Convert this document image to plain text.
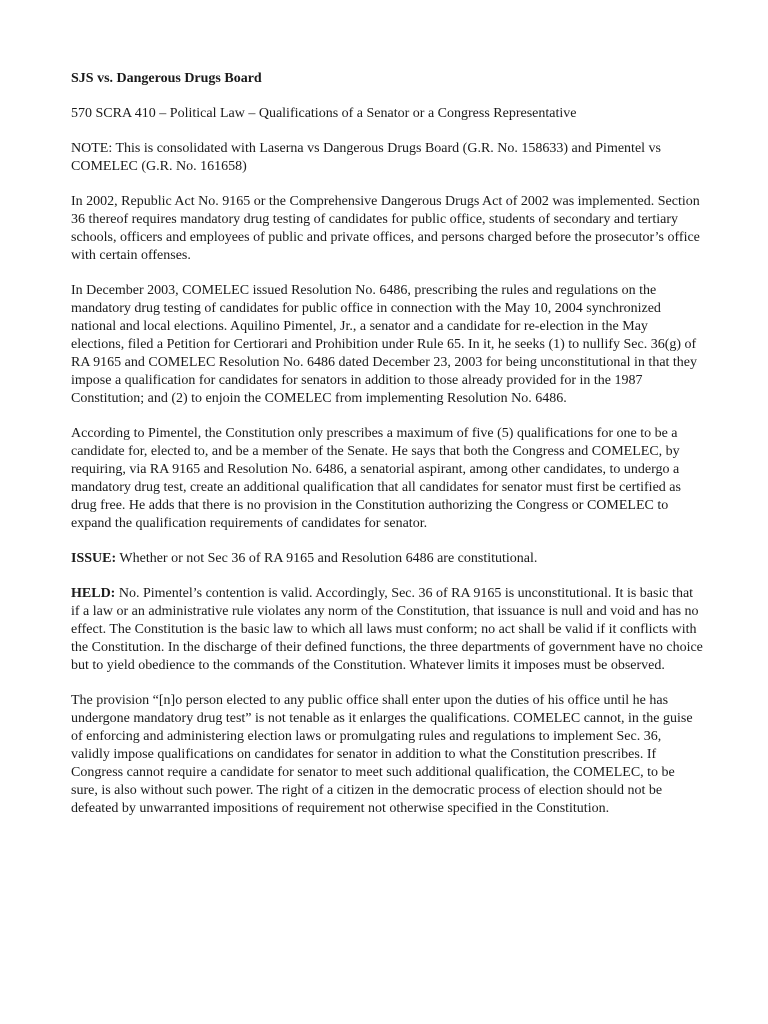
SJS vs. Dangerous Drugs Board

570 SCRA 410 – Political Law – Qualifications of a Senator or a Congress Representative

NOTE: This is consolidated with Laserna vs Dangerous Drugs Board (G.R. No. 158633) and Pimentel vs COMELEC (G.R. No. 161658)

In 2002, Republic Act No. 9165 or the Comprehensive Dangerous Drugs Act of 2002 was implemented. Section 36 thereof requires mandatory drug testing of candidates for public office, students of secondary and tertiary schools, officers and employees of public and private offices, and persons charged before the prosecutor’s office with certain offenses.

In December 2003, COMELEC issued Resolution No. 6486, prescribing the rules and regulations on the mandatory drug testing of candidates for public office in connection with the May 10, 2004 synchronized national and local elections. Aquilino Pimentel, Jr., a senator and a candidate for re-election in the May elections, filed a Petition for Certiorari and Prohibition under Rule 65. In it, he seeks (1) to nullify Sec. 36(g) of RA 9165 and COMELEC Resolution No. 6486 dated December 23, 2003 for being unconstitutional in that they impose a qualification for candidates for senators in addition to those already provided for in the 1987 Constitution; and (2) to enjoin the COMELEC from implementing Resolution No. 6486.

According to Pimentel, the Constitution only prescribes a maximum of five (5) qualifications for one to be a candidate for, elected to, and be a member of the Senate. He says that both the Congress and COMELEC, by requiring, via RA 9165 and Resolution No. 6486, a senatorial aspirant, among other candidates, to undergo a mandatory drug test, create an additional qualification that all candidates for senator must first be certified as drug free. He adds that there is no provision in the Constitution authorizing the Congress or COMELEC to expand the qualification requirements of candidates for senator.

ISSUE: Whether or not Sec 36 of RA 9165 and Resolution 6486 are constitutional.

HELD: No. Pimentel’s contention is valid. Accordingly, Sec. 36 of RA 9165 is unconstitutional. It is basic that if a law or an administrative rule violates any norm of the Constitution, that issuance is null and void and has no effect. The Constitution is the basic law to which all laws must conform; no act shall be valid if it conflicts with the Constitution. In the discharge of their defined functions, the three departments of government have no choice but to yield obedience to the commands of the Constitution. Whatever limits it imposes must be observed.

The provision “[n]o person elected to any public office shall enter upon the duties of his office until he has undergone mandatory drug test” is not tenable as it enlarges the qualifications. COMELEC cannot, in the guise of enforcing and administering election laws or promulgating rules and regulations to implement Sec. 36, validly impose qualifications on candidates for senator in addition to what the Constitution prescribes. If Congress cannot require a candidate for senator to meet such additional qualification, the COMELEC, to be sure, is also without such power. The right of a citizen in the democratic process of election should not be defeated by unwarranted impositions of requirement not otherwise specified in the Constitution.
